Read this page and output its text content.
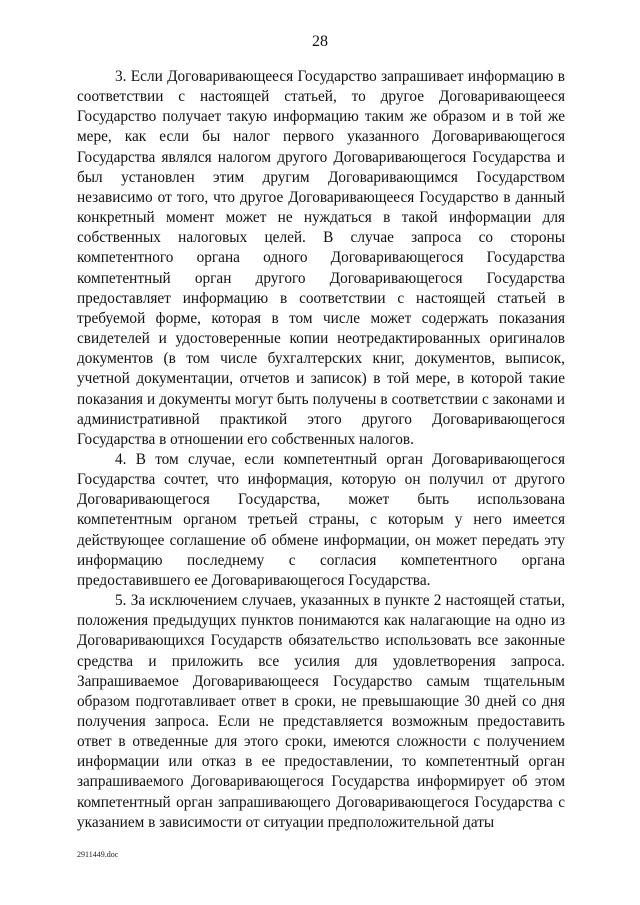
28

3. Если Договаривающееся Государство запрашивает информацию в соответствии с настоящей статьей, то другое Договаривающееся Государство получает такую информацию таким же образом и в той же мере, как если бы налог первого указанного Договаривающегося Государства являлся налогом другого Договаривающегося Государства и был установлен этим другим Договаривающимся Государством независимо от того, что другое Договаривающееся Государство в данный конкретный момент может не нуждаться в такой информации для собственных налоговых целей. В случае запроса со стороны компетентного органа одного Договаривающегося Государства компетентный орган другого Договаривающегося Государства предоставляет информацию в соответствии с настоящей статьей в требуемой форме, которая в том числе может содержать показания свидетелей и удостоверенные копии неотредактированных оригиналов документов (в том числе бухгалтерских книг, документов, выписок, учетной документации, отчетов и записок) в той мере, в которой такие показания и документы могут быть получены в соответствии с законами и административной практикой этого другого Договаривающегося Государства в отношении его собственных налогов.

4. В том случае, если компетентный орган Договаривающегося Государства сочтет, что информация, которую он получил от другого Договаривающегося Государства, может быть использована компетентным органом третьей страны, с которым у него имеется действующее соглашение об обмене информации, он может передать эту информацию последнему с согласия компетентного органа предоставившего ее Договаривающегося Государства.

5. За исключением случаев, указанных в пункте 2 настоящей статьи, положения предыдущих пунктов понимаются как налагающие на одно из Договаривающихся Государств обязательство использовать все законные средства и приложить все усилия для удовлетворения запроса. Запрашиваемое Договаривающееся Государство самым тщательным образом подготавливает ответ в сроки, не превышающие 30 дней со дня получения запроса. Если не представляется возможным предоставить ответ в отведенные для этого сроки, имеются сложности с получением информации или отказ в ее предоставлении, то компетентный орган запрашиваемого Договаривающегося Государства информирует об этом компетентный орган запрашивающего Договаривающегося Государства с указанием в зависимости от ситуации предположительной даты

2911449.doc
